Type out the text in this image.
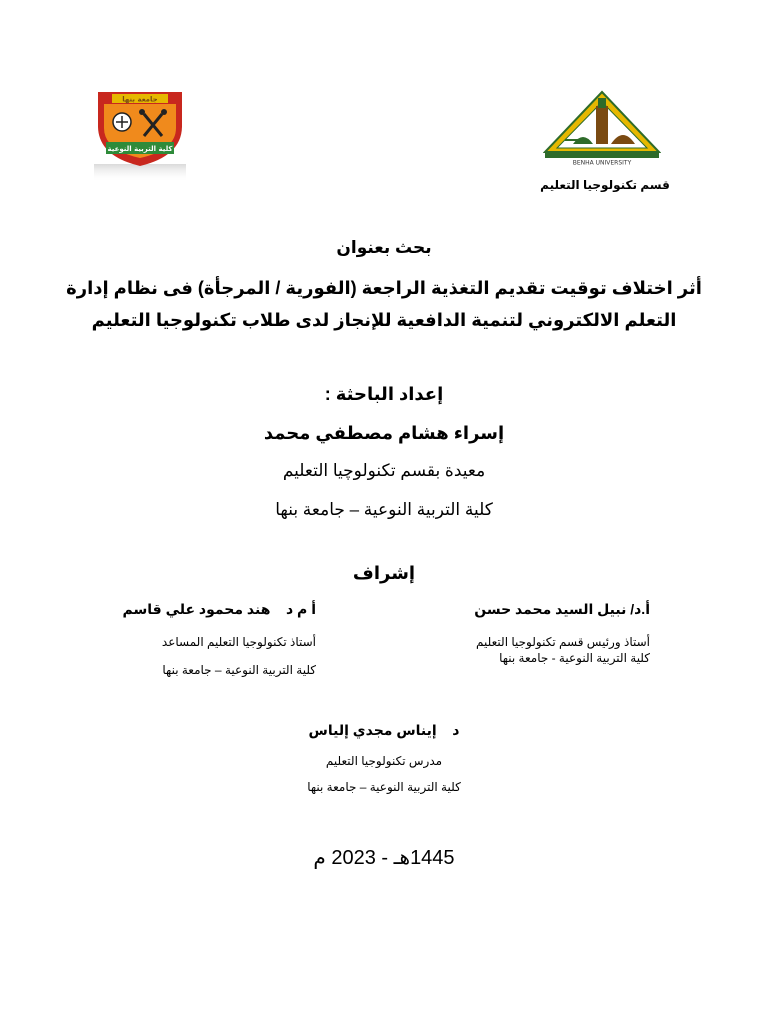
جامعة بنها
كلية التربية النوعية
BENHA UNIVERSITY
قسم تكنولوجيا التعليم
بحث بعنوان
أثر اختلاف توقيت تقديم التغذية الراجعة (الفورية / المرجأة) فى نظام إدارة
التعلم الالكتروني لتنمية الدافعية للإنجاز لدى طلاب تكنولوجيا التعليم
إعداد الباحثة :
إسراء هشام مصطفي محمد
معيدة بقسم تكنولوچيا التعليم
كلية التربية النوعية – جامعة بنها
إشراف
أ.د/ نبيل السيد محمد حسن
أستاذ ورئيس قسم تكنولوجيا التعليم
كلية التربية النوعية - جامعة بنها
أ م د    هند محمود علي قاسم
أستاذ تكنولوجيا التعليم المساعد
كلية التربية النوعية – جامعة بنها
د    إيناس مجدي إلياس
مدرس تكنولوجيا التعليم
كلية التربية النوعية – جامعة بنها
1445هـ - 2023 م
